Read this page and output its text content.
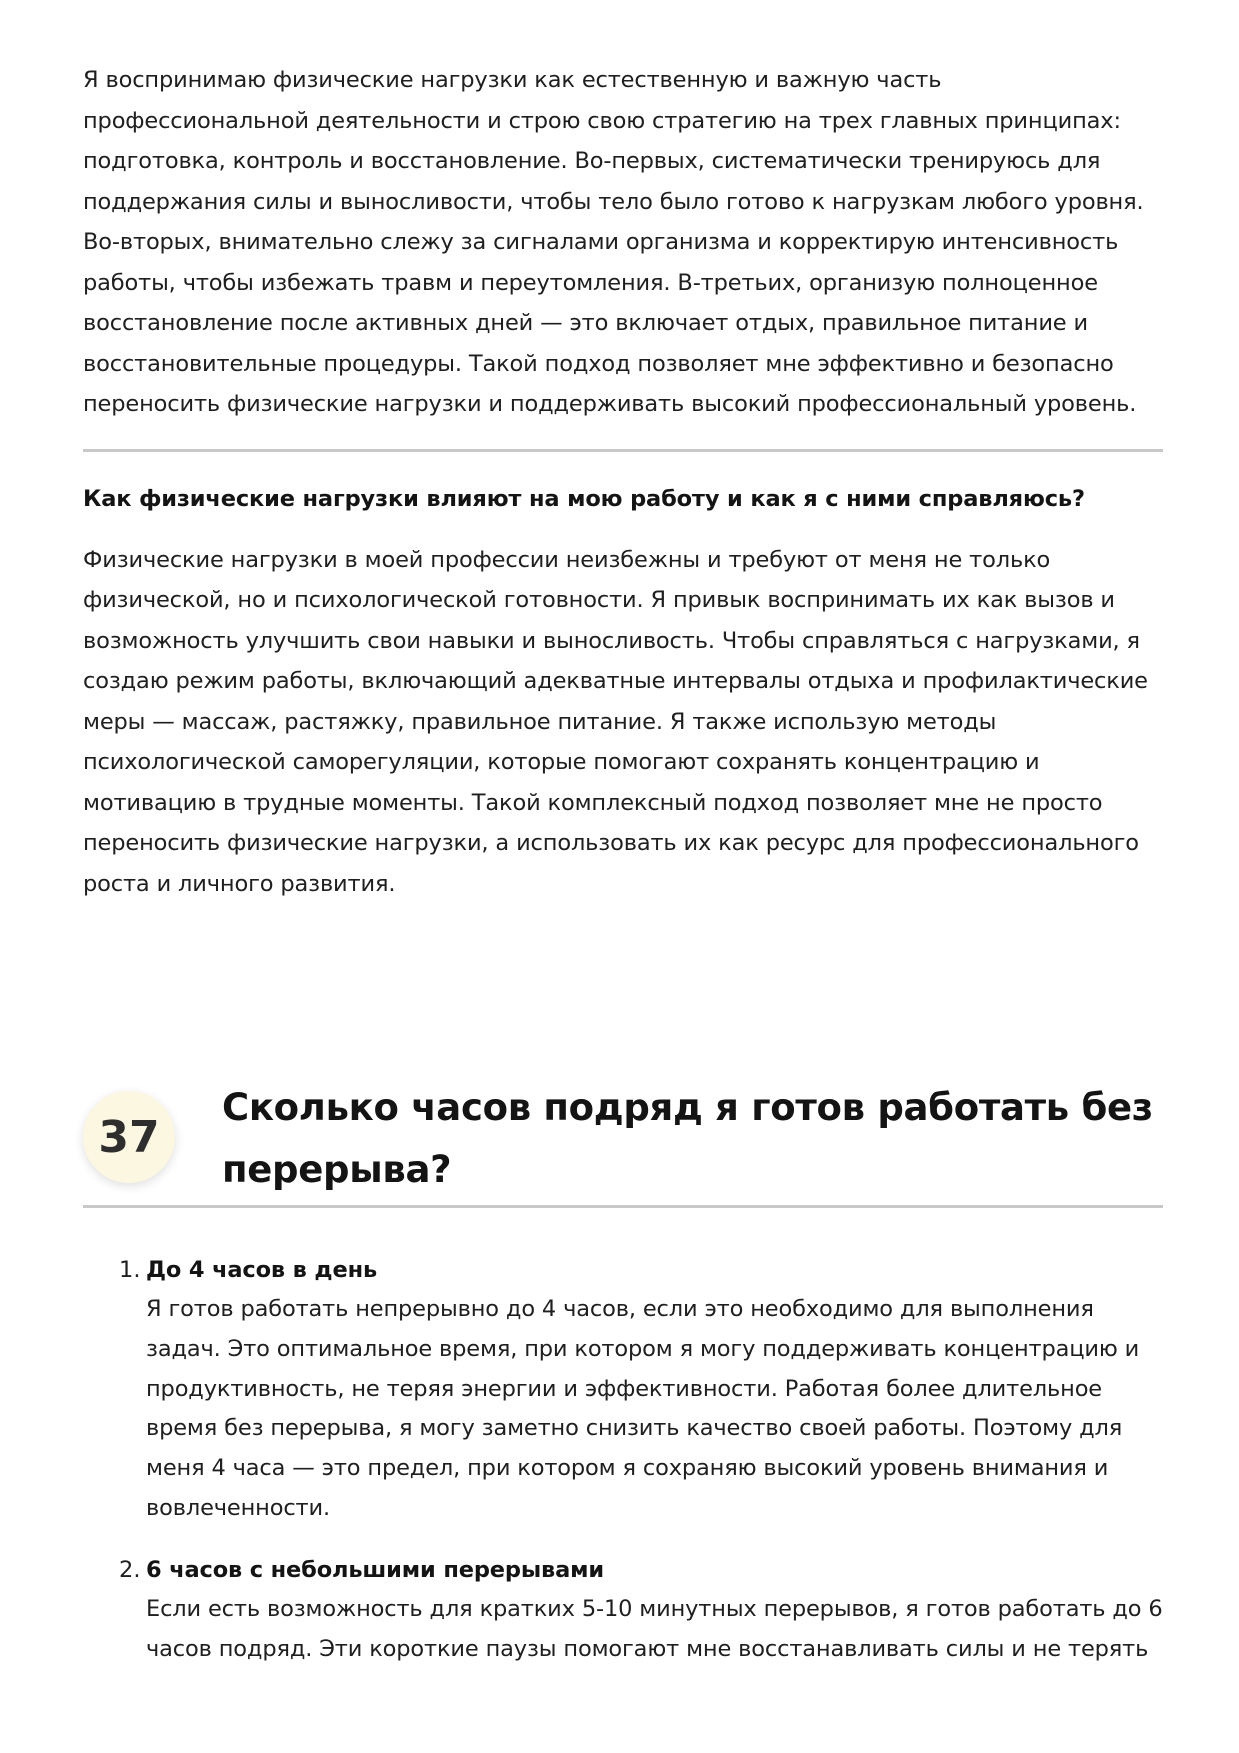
Я воспринимаю физические нагрузки как естественную и важную часть профессиональной деятельности и строю свою стратегию на трех главных принципах: подготовка, контроль и восстановление. Во-первых, систематически тренируюсь для поддержания силы и выносливости, чтобы тело было готово к нагрузкам любого уровня. Во-вторых, внимательно слежу за сигналами организма и корректирую интенсивность работы, чтобы избежать травм и переутомления. В-третьих, организую полноценное восстановление после активных дней — это включает отдых, правильное питание и восстановительные процедуры. Такой подход позволяет мне эффективно и безопасно переносить физические нагрузки и поддерживать высокий профессиональный уровень.

Как физические нагрузки влияют на мою работу и как я с ними справляюсь?

Физические нагрузки в моей профессии неизбежны и требуют от меня не только физической, но и психологической готовности. Я привык воспринимать их как вызов и возможность улучшить свои навыки и выносливость. Чтобы справляться с нагрузками, я создаю режим работы, включающий адекватные интервалы отдыха и профилактические меры — массаж, растяжку, правильное питание. Я также использую методы психологической саморегуляции, которые помогают сохранять концентрацию и мотивацию в трудные моменты. Такой комплексный подход позволяет мне не просто переносить физические нагрузки, а использовать их как ресурс для профессионального роста и личного развития.

37
Сколько часов подряд я готов работать без перерыва?
1. До 4 часов в день

Я готов работать непрерывно до 4 часов, если это необходимо для выполнения задач. Это оптимальное время, при котором я могу поддерживать концентрацию и продуктивность, не теряя энергии и эффективности. Работая более длительное время без перерыва, я могу заметно снизить качество своей работы. Поэтому для меня 4 часа — это предел, при котором я сохраняю высокий уровень внимания и вовлеченности.

2. 6 часов с небольшими перерывами

Если есть возможность для кратких 5-10 минутных перерывов, я готов работать до 6 часов подряд. Эти короткие паузы помогают мне восстанавливать силы и не терять
